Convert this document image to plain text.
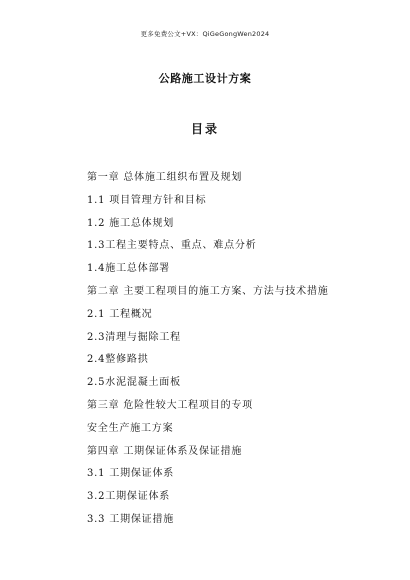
更多免费公文+VX：QiGeGongWen2024
公路施工设计方案
目录
第一章 总体施工组织布置及规划
1.1 项目管理方针和目标
1.2 施工总体规划
1.3工程主要特点、重点、难点分析
1.4施工总体部署
第二章 主要工程项目的施工方案、方法与技术措施
2.1 工程概况
2.3清理与掘除工程
2.4整修路拱
2.5水泥混凝土面板
第三章 危险性较大工程项目的专项
安全生产施工方案
第四章 工期保证体系及保证措施
3.1 工期保证体系
3.2工期保证体系
3.3 工期保证措施
